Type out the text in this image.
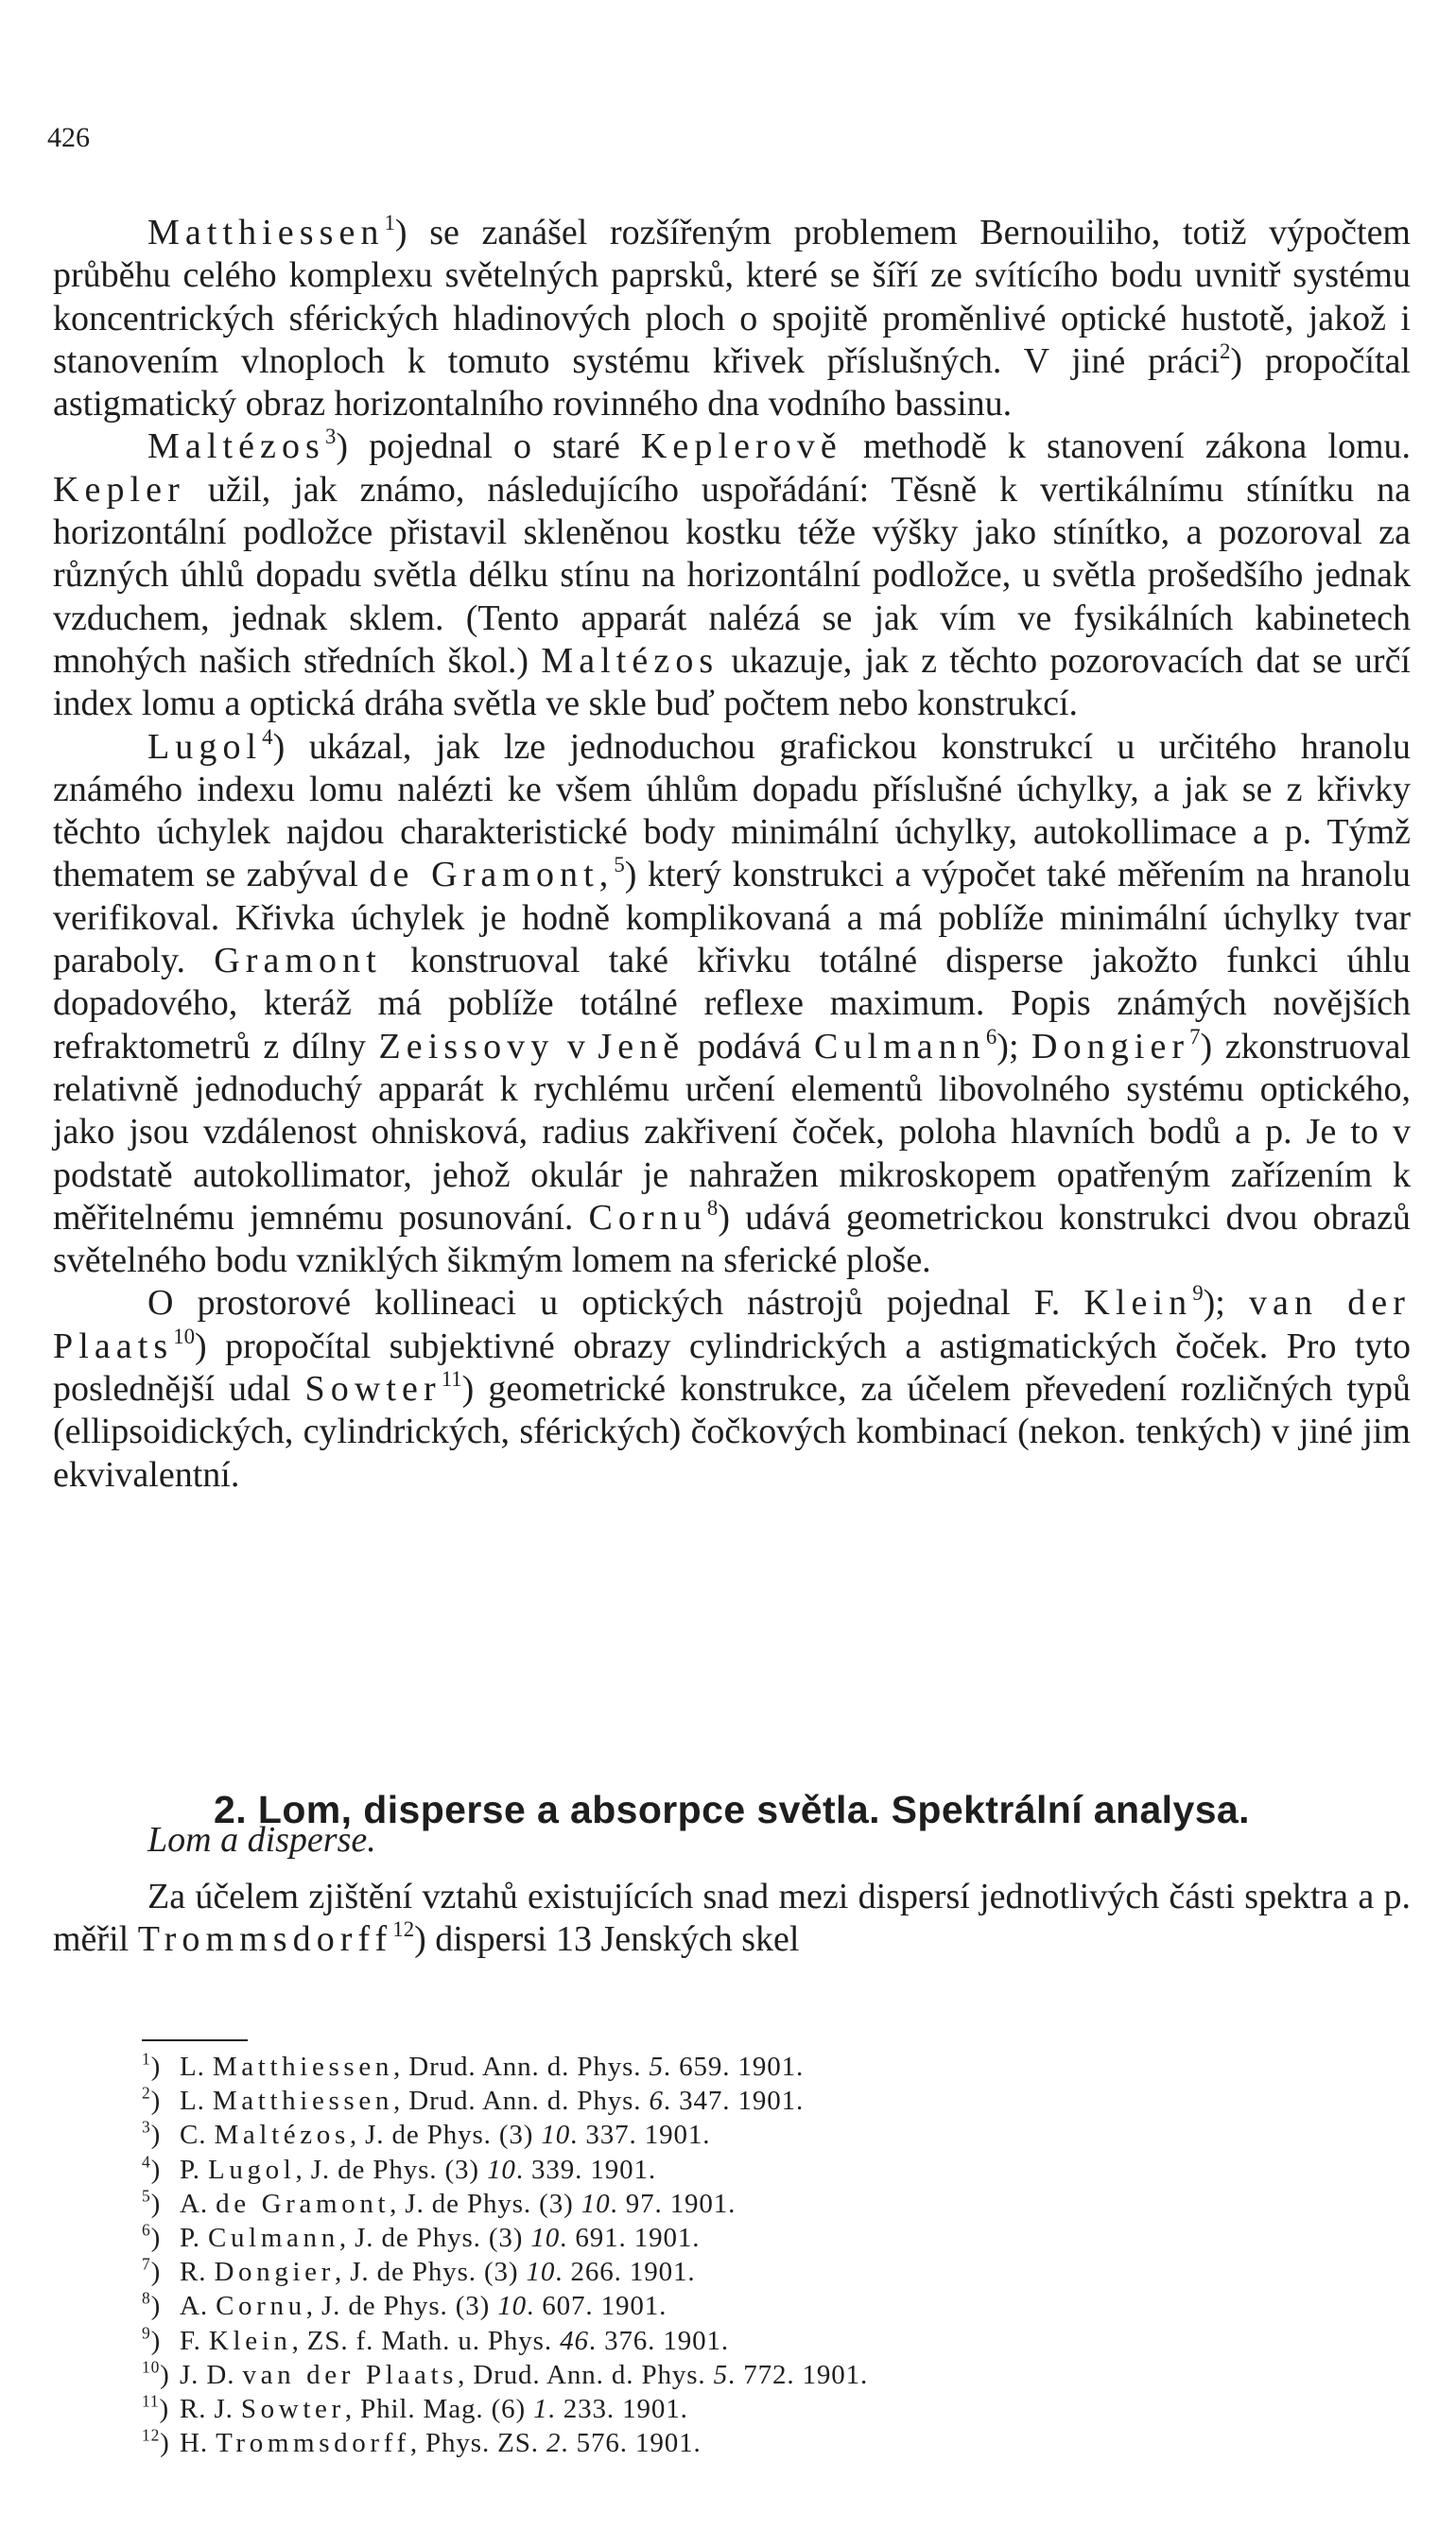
426

Matthiessen$^1$) se zanášel rozšířeným problemem Bernouiliho, totiž výpočtem průběhu celého komplexu světelných paprsků, které se šíří ze svítícího bodu uvnitř systému koncentrických sférických hladinových ploch o spojitě proměnlivé optické hustotě, jakož i stanovením vlnoploch k tomuto systému křivek příslušných. V jiné práci$^2$) propočítal astigmatický obraz horizontalního rovinného dna vodního bassinu.

Maltézos$^3$) pojednal o staré Keplerově methodě k stanovení zákona lomu. Kepler užil, jak známo, následujícího uspořádání: Těsně k vertikálnímu stínítku na horizontální podložce přistavil skleněnou kostku téže výšky jako stínítko, a pozoroval za různých úhlů dopadu světla délku stínu na horizontální podložce, u světla prošedšího jednak vzduchem, jednak sklem. (Tento apparát nalézá se jak vím ve fysikálních kabinetech mnohých našich středních škol.) Maltézos ukazuje, jak z těchto pozorovacích dat se určí index lomu a optická dráha světla ve skle buď počtem nebo konstrukcí.

Lugol$^4$) ukázal, jak lze jednoduchou grafickou konstrukcí u určitého hranolu známého indexu lomu nalézti ke všem úhlům dopadu příslušné úchylky, a jak se z křivky těchto úchylek najdou charakteristické body minimální úchylky, autokollimace a p. Týmž thematem se zabýval de Gramont,$^5$) který konstrukci a výpočet také měřením na hranolu verifikoval. Křivka úchylek je hodně komplikovaná a má poblíže minimální úchylky tvar paraboly. Gramont konstruoval také křivku totálné disperse jakožto funkci úhlu dopadového, kteráž má poblíže totálné reflexe maximum. Popis známých novějších refraktometrů z dílny Zeissovy v Jeně podává Culmann$^6$); Dongier$^7$) zkonstruoval relativně jednoduchý apparát k rychlému určení elementů libovolného systému optického, jako jsou vzdálenost ohnisková, radius zakřivení čoček, poloha hlavních bodů a p. Je to v podstatě autokollimator, jehož okulár je nahražen mikroskopem opatřeným zařízením k měřitelnému jemnému posunování. Cornu$^8$) udává geometrickou konstrukci dvou obrazů světelného bodu vzniklých šikmým lomem na sferické ploše.

O prostorové kollineaci u optických nástrojů pojednal F. Klein$^9$); van der Plaats$^{10}$) propočítal subjektivné obrazy cylindrických a astigmatických čoček. Pro tyto poslednější udal Sowter$^{11}$) geometrické konstrukce, za účelem převedení rozličných typů (ellipsoidických, cylindrických, sférických) čočkových kombinací (nekon. tenkých) v jiné jim ekvivalentní.

2. Lom, disperse a absorpce světla. Spektrální analysa.
Lom a disperse.

Za účelem zjištění vztahů existujících snad mezi dispersí jednotlivých části spektra a p. měřil Trommsdorff$^{12}$) dispersi 13 Jenských skel

$^1$) L. Matthiessen, Drud. Ann. d. Phys. 5. 659. 1901.
$^2$) L. Matthiessen, Drud. Ann. d. Phys. 6. 347. 1901.
$^3$) C. Maltézos, J. de Phys. (3) 10. 337. 1901.
$^4$) P. Lugol, J. de Phys. (3) 10. 339. 1901.
$^5$) A. de Gramont, J. de Phys. (3) 10. 97. 1901.
$^6$) P. Culmann, J. de Phys. (3) 10. 691. 1901.
$^7$) R. Dongier, J. de Phys. (3) 10. 266. 1901.
$^8$) A. Cornu, J. de Phys. (3) 10. 607. 1901.
$^9$) F. Klein, ZS. f. Math. u. Phys. 46. 376. 1901.
$^{10}$) J. D. van der Plaats, Drud. Ann. d. Phys. 5. 772. 1901.
$^{11}$) R. J. Sowter, Phil. Mag. (6) 1. 233. 1901.
$^{12}$) H. Trommsdorff, Phys. ZS. 2. 576. 1901.
